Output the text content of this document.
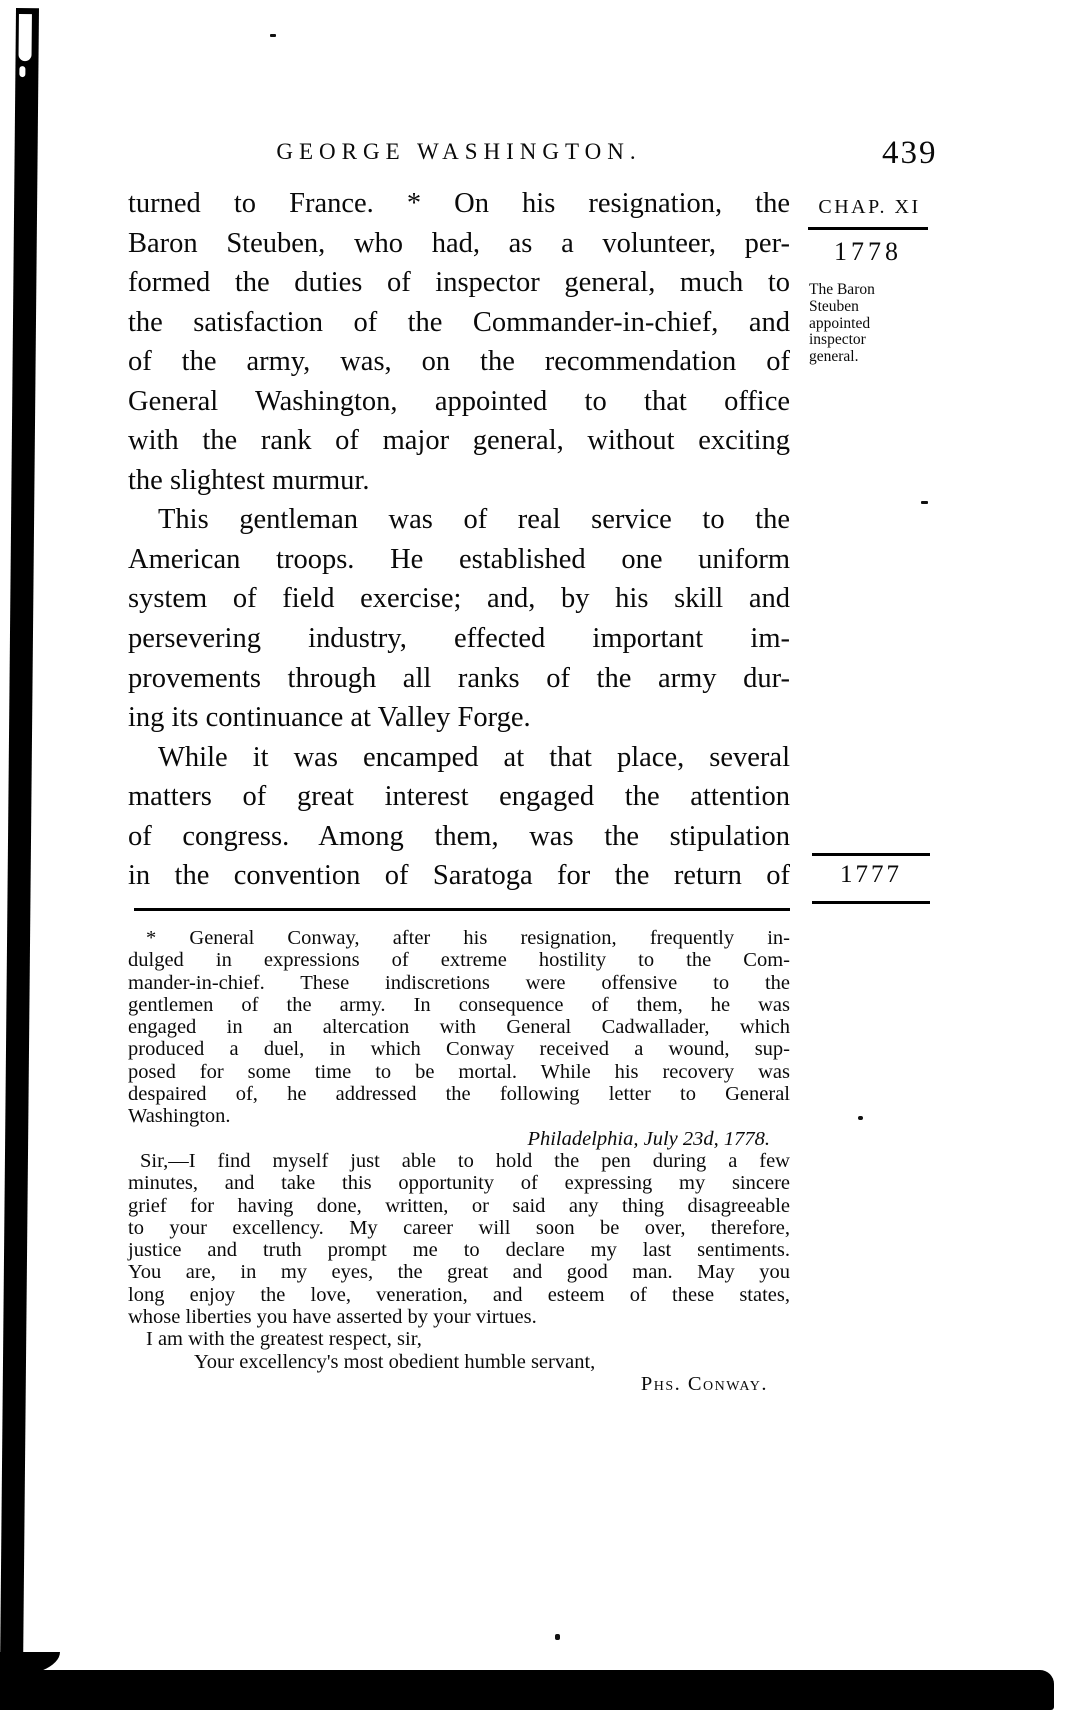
GEORGE WASHINGTON.	439
turned to France. * On his resignation, the
Baron Steuben, who had, as a volunteer, per-
formed the duties of inspector general, much to
the satisfaction of the Commander-in-chief, and
of the army, was, on the recommendation of
General Washington, appointed to that office
with the rank of major general, without exciting
the slightest murmur.
This gentleman was of real service to the
American troops. He established one uniform
system of field exercise; and, by his skill and
persevering industry, effected important im-
provements through all ranks of the army dur-
ing its continuance at Valley Forge.
While it was encamped at that place, several
matters of great interest engaged the attention
of congress. Among them, was the stipulation
in the convention of Saratoga for the return of
CHAP. XI
1778
The Baron Steuben appointed inspector general.
1777
* General Conway, after his resignation, frequently in-
dulged in expressions of extreme hostility to the Com-
mander-in-chief. These indiscretions were offensive to the
gentlemen of the army. In consequence of them, he was
engaged in an altercation with General Cadwallader, which
produced a duel, in which Conway received a wound, sup-
posed for some time to be mortal. While his recovery was
despaired of, he addressed the following letter to General
Washington.
Philadelphia, July 23d, 1778.
Sir,—I find myself just able to hold the pen during a few
minutes, and take this opportunity of expressing my sincere
grief for having done, written, or said any thing disagreeable
to your excellency. My career will soon be over, therefore,
justice and truth prompt me to declare my last sentiments.
You are, in my eyes, the great and good man. May you
long enjoy the love, veneration, and esteem of these states,
whose liberties you have asserted by your virtues.
I am with the greatest respect, sir,
Your excellency's most obedient humble servant,
Phs. Conway.
